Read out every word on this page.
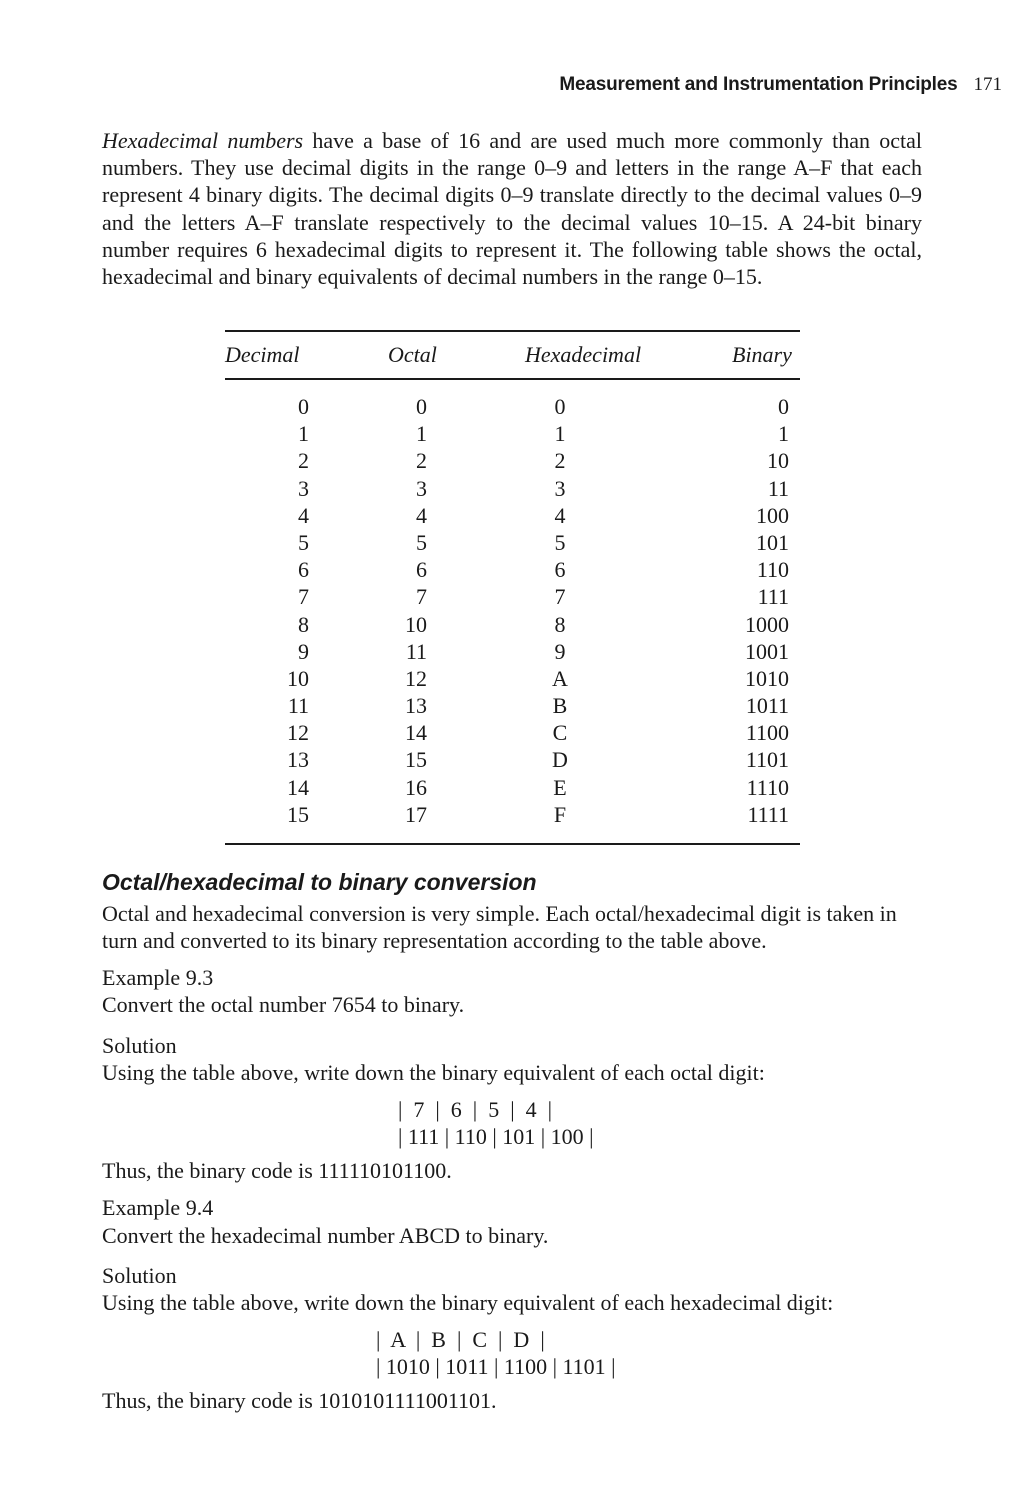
Measurement and Instrumentation Principles 171

Hexadecimal numbers have a base of 16 and are used much more commonly than octal numbers. They use decimal digits in the range 0–9 and letters in the range A–F that each represent 4 binary digits. The decimal digits 0–9 translate directly to the decimal values 0–9 and the letters A–F translate respectively to the decimal values 10–15. A 24-bit binary number requires 6 hexadecimal digits to represent it. The following table shows the octal, hexadecimal and binary equivalents of decimal numbers in the range 0–15.

Decimal	Octal	Hexadecimal	Binary
0	0	0	0
1	1	1	1
2	2	2	10
3	3	3	11
4	4	4	100
5	5	5	101
6	6	6	110
7	7	7	111
8	10	8	1000
9	11	9	1001
10	12	A	1010
11	13	B	1011
12	14	C	1100
13	15	D	1101
14	16	E	1110
15	17	F	1111
Octal/hexadecimal to binary conversion
Octal and hexadecimal conversion is very simple. Each octal/hexadecimal digit is taken in turn and converted to its binary representation according to the table above.
Example 9.3
Convert the octal number 7654 to binary.
Solution
Using the table above, write down the binary equivalent of each octal digit:
|  7  |  6  |  5  |  4  |
| 111 | 110 | 101 | 100 |
Thus, the binary code is 111110101100.
Example 9.4
Convert the hexadecimal number ABCD to binary.
Solution
Using the table above, write down the binary equivalent of each hexadecimal digit:
|  A  |  B  |  C  |  D  |
| 1010 | 1011 | 1100 | 1101 |
Thus, the binary code is 1010101111001101.
